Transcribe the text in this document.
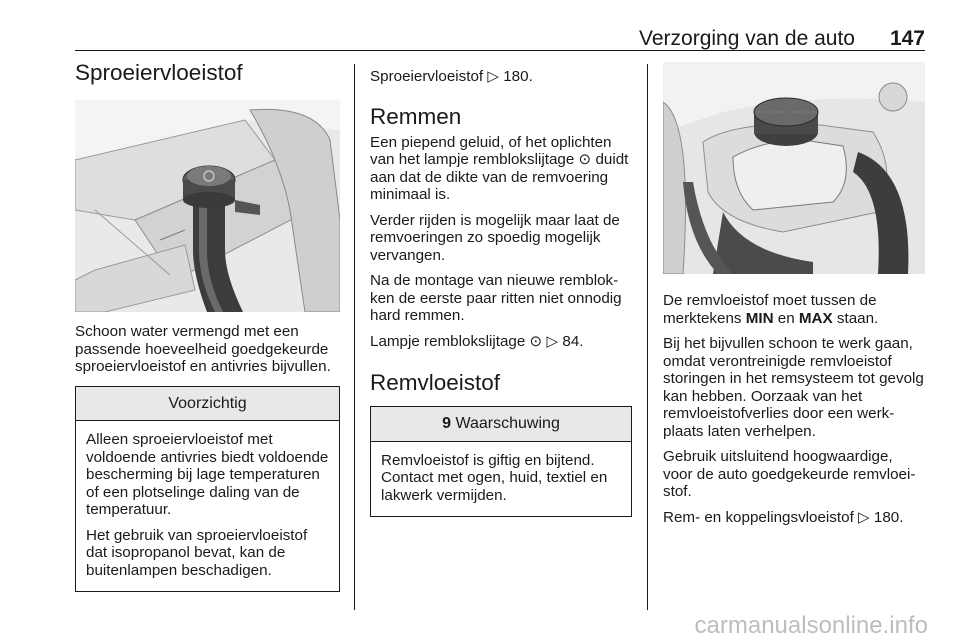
Verzorging van de auto 147
Sproeiervloeistof

Schoon water vermengd met een passende hoeveelheid goedgekeurde sproeiervloeistof en antivries bijvullen.

Voorzichtig

Alleen sproeiervloeistof met voldoende antivries biedt voldoende bescherming bij lage temperaturen of een plotselinge daling van de temperatuur.

Het gebruik van sproeiervloeistof dat isopropanol bevat, kan de buitenlampen beschadigen.

Sproeiervloeistof ▷ 180.

Remmen

Een piepend geluid, of het oplichten van het lampje remblokslijtage ⊙ duidt aan dat de dikte van de remvoering minimaal is.

Verder rijden is mogelijk maar laat de remvoeringen zo spoedig mogelijk vervangen.

Na de montage van nieuwe remblokken de eerste paar ritten niet onnodig hard remmen.

Lampje remblokslijtage ⊙ ▷ 84.

Remvloeistof
9 Waarschuwing

Remvloeistof is giftig en bijtend. Contact met ogen, huid, textiel en lakwerk vermijden.

De remvloeistof moet tussen de merktekens MIN en MAX staan.

Bij het bijvullen schoon te werk gaan, omdat verontreinigde remvloeistof storingen in het remsysteem tot gevolg kan hebben. Oorzaak van het remvloeistofverlies door een werkplaats laten verhelpen.

Gebruik uitsluitend hoogwaardige, voor de auto goedgekeurde remvloeistof.

Rem- en koppelingsvloeistof ▷ 180.

carmanualsonline.info
